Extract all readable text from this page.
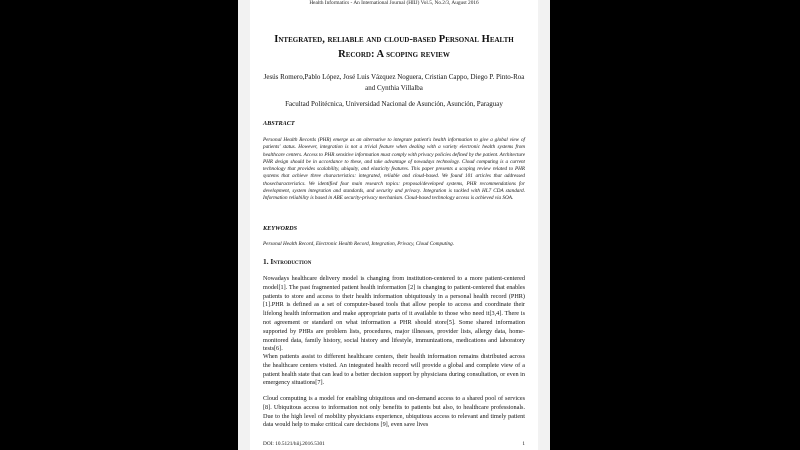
Health Informatics - An International Journal (HIIJ) Vol.5, No.2/3, August 2016
Integrated, reliable and cloud-based Personal Health Record: A scoping review
Jesús Romero,Pablo López, José Luis Vázquez Noguera, Cristian Cappo, Diego P. Pinto-Roa and Cynthia Villalba
Facultad Politécnica, Universidad Nacional de Asunción, Asunción, Paraguay
ABSTRACT
Personal Health Records (PHR) emerge as an alternative to integrate patient's health information to give a global view of patients' status. However, integration is not a trivial feature when dealing with a variety electronic health systems from healthcare centers. Access to PHR sensitive information must comply with privacy policies defined by the patient. Architecture PHR design should be in accordance to these, and take advantage of nowadays technology. Cloud computing is a current technology that provides scalability, ubiquity, and elasticity features. This paper presents a scoping review related to PHR systems that achieve three characteristics: integrated, reliable and cloud-based. We found 101 articles that addressed thosecharacteristics. We identified four main research topics: proposal/developed systems, PHR recommendations for development, system integration and standards, and security and privacy. Integration is tackled with HL7 CDA standard. Information reliability is based in ABE security-privacy mechanism. Cloud-based technology access is achieved via SOA.
KEYWORDS
Personal Health Record, Electronic Health Record, Integration, Privacy, Cloud Computing.
1. Introduction
Nowadays healthcare delivery model is changing from institution-centered to a more patient-centered model[1]. The past fragmented patient health information [2] is changing to patient-centered that enables patients to store and access to their health information ubiquitously in a personal health record (PHR) [1].PHR is defined as a set of computer-based tools that allow people to access and coordinate their lifelong health information and make appropriate parts of it available to those who need it[3,4]. There is not agreement or standard on what information a PHR should store[5]. Some shared information supported by PHRs are problem lists, procedures, major illnesses, provider lists, allergy data, home-monitored data, family history, social history and lifestyle, immunizations, medications and laboratory tests[6].
When patients assist to different healthcare centers, their health information remains distributed across the healthcare centers visited. An integrated health record will provide a global and complete view of a patient health state that can lead to a better decision support by physicians during consultation, or even in emergency situations[7].
Cloud computing is a model for enabling ubiquitous and on-demand access to a shared pool of services [8]. Ubiquitous access to information not only benefits to patients but also, to healthcare professionals. Due to the high level of mobility physicians experience, ubiquitous access to relevant and timely patient data would help to make critical care decisions [9], even save lives
DOI: 10.5121/hiij.2016.5301	1
